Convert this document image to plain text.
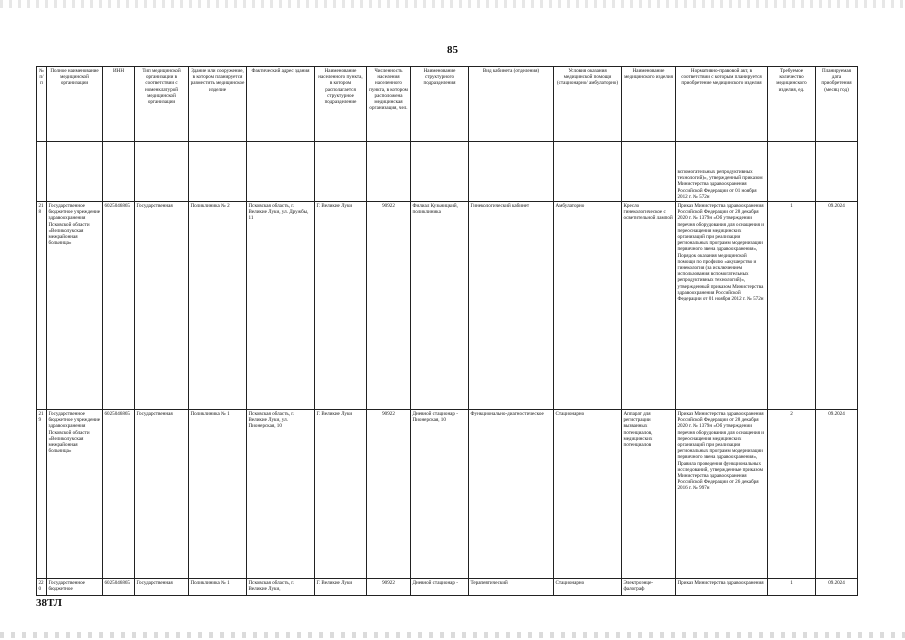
85
№ п/п	Полное наименование медицинской организации	ИНН	Тип медицинской организации в соответствии с номенклатурой медицинской организации	Здание или сооружение, в котором планируется разместить медицинское изделие	Фактический адрес здания	Наименование населенного пункта, в котором располагается структурное подразделение	Численность населения населенного пункта, в котором расположена медицинская организация, чел.	Наименование структурного подразделения	Вид кабинета (отделения)	Условия оказания медицинской помощи (стационарно/ амбулаторно)	Наименование медицинского изделия	Нормативно-правовой акт, в соответствии с которым планируется приобретение медицинского изделия	Требуемое количество медицинского изделия, ед.	Планируемая дата приобретения (месяц год)
												вспомогательных репродуктивных технологий)», утвержденный приказом Министерства здравоохранения Российской Федерации от 01 ноября 2012 г. № 572н		
218	Государственное бюджетное учреждение здравоохранения Псковской области «Великолукская межрайонная больница»	6025046865	Государственная	Поликлиника № 2	Псковская область, г. Великие Луки, ул. Дружбы, 11	Г. Великие Луки	90922	Филиал Кузьницкий, поликлиника	Гинекологический кабинет	Амбулаторно	Кресло гинекологическое с осветительной лампой	Приказ Министерства здравоохранения Российской Федерации от 28 декабря 2020 г. № 1379н «Об утверждении перечня оборудования для оснащения и переоснащения медицинских организаций при реализации региональных программ модернизации первичного звена здравоохранения», Порядок оказания медицинской помощи по профилю «акушерство и гинекология (за исключением использования вспомогательных репродуктивных технологий)», утвержденный приказом Министерства здравоохранения Российской Федерации от 01 ноября 2012 г. № 572н	1	09.2024
219	Государственное бюджетное учреждение здравоохранения Псковской области «Великолукская межрайонная больница»	6025046865	Государственная	Поликлиника № 1	Псковская область, г. Великие Луки, ул. Пионерская, 10	Г. Великие Луки	90922	Дневной стационар - Пионерская, 10	Функционально-диагностическое	Стационарно	Аппарат для регистрации вызванных потенциалов, медицинских потенциалов	Приказ Министерства здравоохранения Российской Федерации от 28 декабря 2020 г. № 1379н «Об утверждении перечня оборудования для оснащения и переоснащения медицинских организаций при реализации региональных программ модернизации первичного звена здравоохранения», Правила проведения функциональных исследований, утвержденные приказом Министерства здравоохранения Российской Федерации от 26 декабря 2016 г. № 997н	2	09.2024
220	Государственное бюджетное	6025046865	Государственная	Поликлиника № 1	Псковская область, г. Великие Луки,	Г. Великие Луки	90922	Дневной стационар -	Терапевтический	Стационарно	Электроэнце-фалограф	Приказ Министерства здравоохранения	1	09.2024
38ТЛ
